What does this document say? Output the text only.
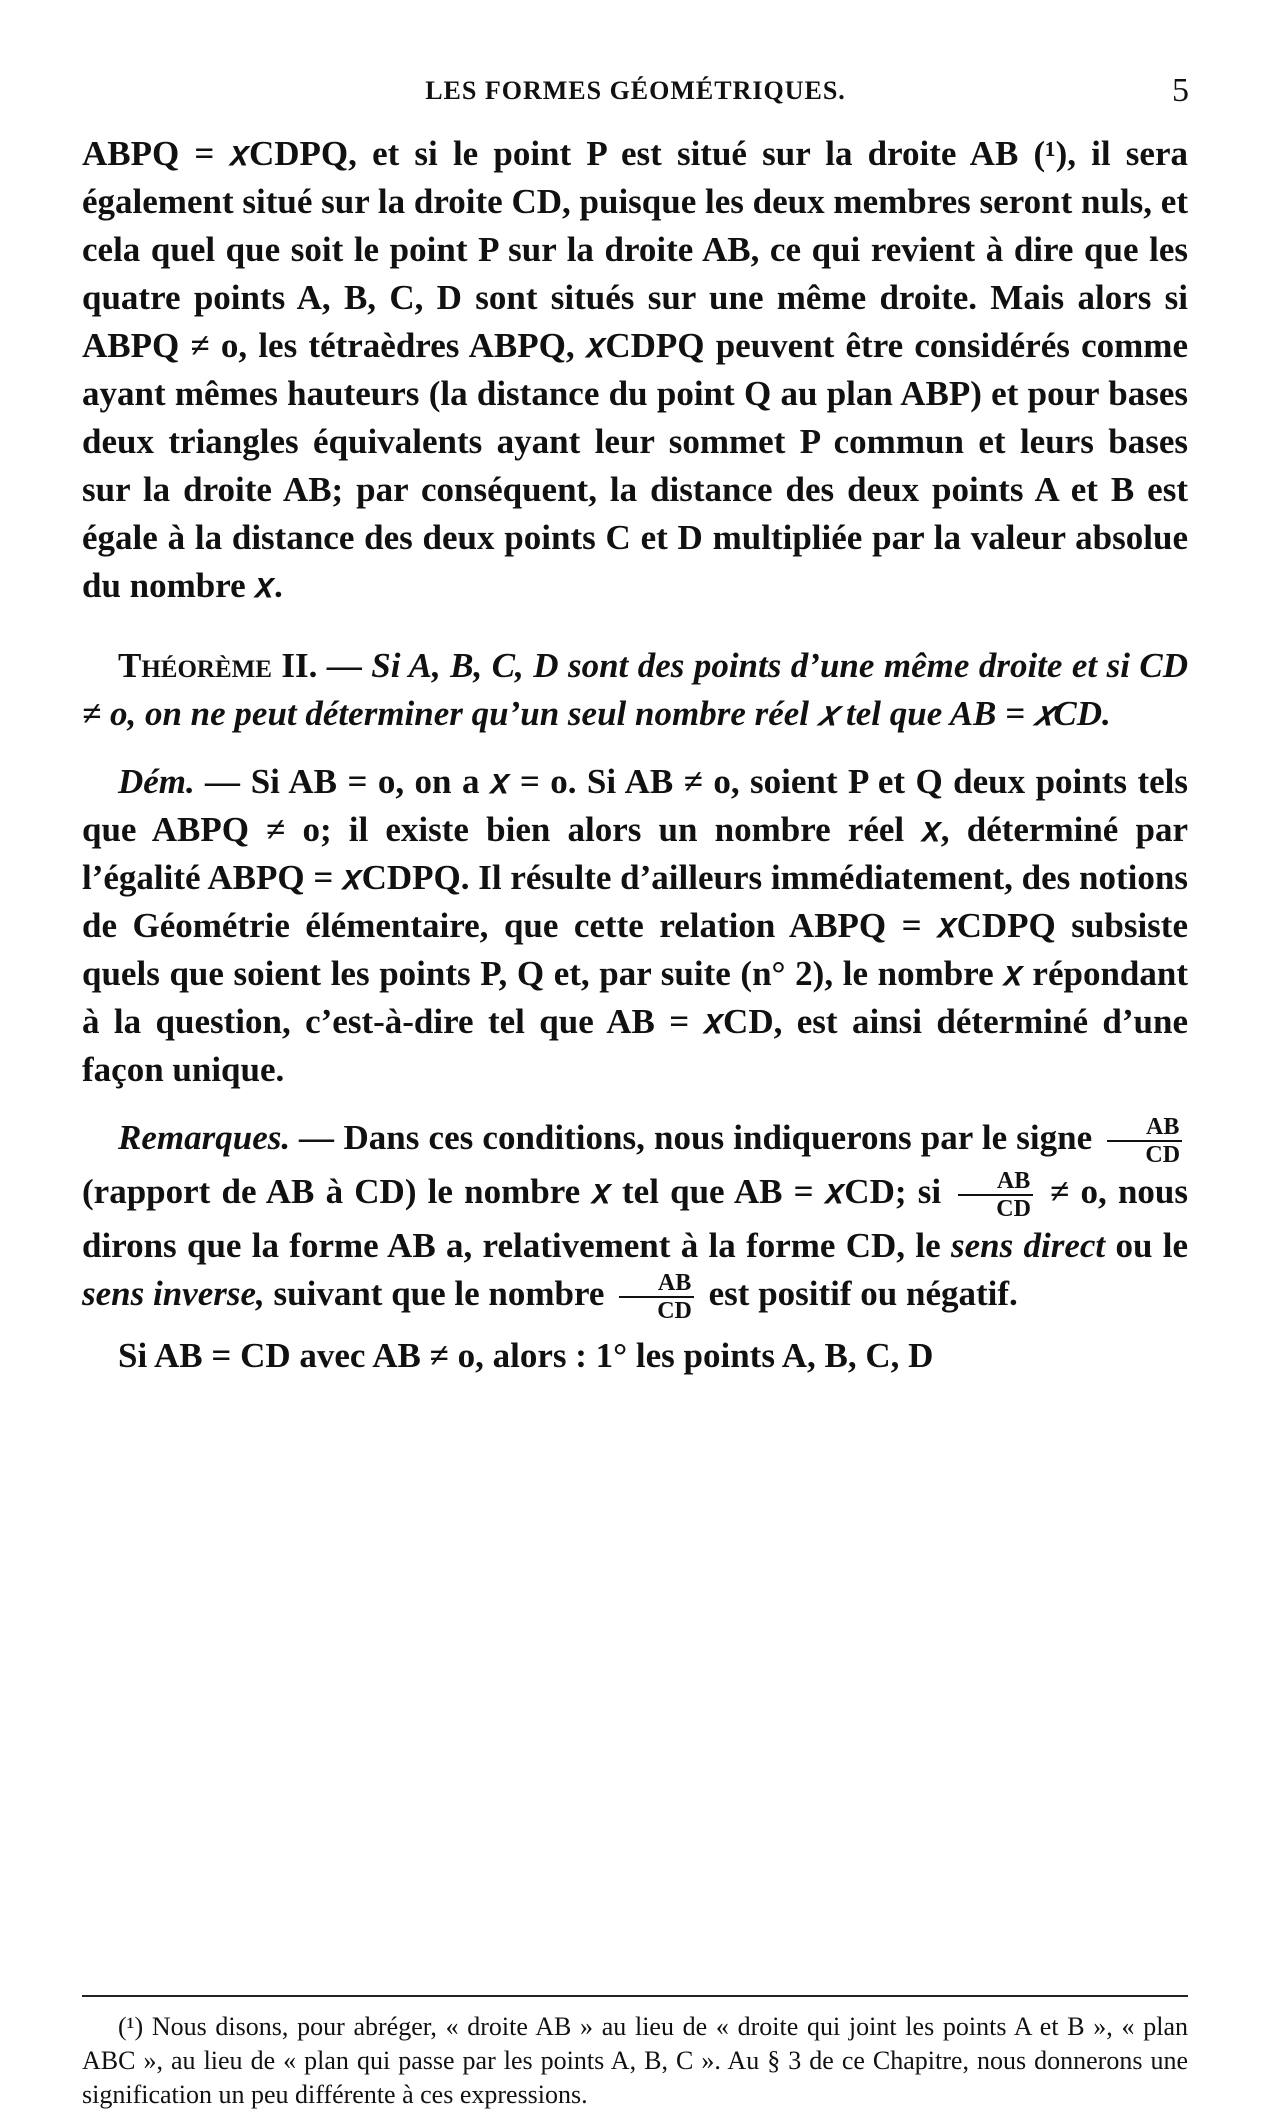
LES FORMES GÉOMÉTRIQUES.	5

ABPQ = 𝑥CDPQ, et si le point P est situé sur la droite AB (¹), il sera également situé sur la droite CD, puisque les deux membres seront nuls, et cela quel que soit le point P sur la droite AB, ce qui revient à dire que les quatre points A, B, C, D sont situés sur une même droite. Mais alors si ABPQ ≠ o, les tétraèdres ABPQ, 𝑥CDPQ peuvent être considérés comme ayant mêmes hauteurs (la distance du point Q au plan ABP) et pour bases deux triangles équivalents ayant leur sommet P commun et leurs bases sur la droite AB; par conséquent, la distance des deux points A et B est égale à la distance des deux points C et D multipliée par la valeur absolue du nombre 𝑥.

Théorème II. — Si A, B, C, D sont des points d’une même droite et si CD ≠ o, on ne peut déterminer qu’un seul nombre réel 𝑥 tel que AB = 𝑥CD.

Dém. — Si AB = o, on a 𝑥 = o. Si AB ≠ o, soient P et Q deux points tels que ABPQ ≠ o; il existe bien alors un nombre réel 𝑥, déterminé par l’égalité ABPQ = 𝑥CDPQ. Il résulte d’ailleurs immédiatement, des notions de Géométrie élémentaire, que cette relation ABPQ = 𝑥CDPQ subsiste quels que soient les points P, Q et, par suite (n° 2), le nombre 𝑥 répondant à la question, c’est-à-dire tel que AB = 𝑥CD, est ainsi déterminé d’une façon unique.

Remarques. — Dans ces conditions, nous indiquerons par le signe $\frac{AB}{CD}$
(rapport de AB à CD) le nombre 𝑥 tel que AB = 𝑥CD; si $\frac{AB}{CD} \ne o$, nous dirons que la forme AB a, relativement à la forme CD, le sens direct ou le sens inverse, suivant que le nombre $\frac{AB}{CD}$ est positif ou négatif.

Si AB = CD avec AB ≠ o, alors : 1° les points A, B, C, D

(¹) Nous disons, pour abréger, « droite AB » au lieu de « droite qui joint les points A et B », « plan ABC », au lieu de « plan qui passe par les points A, B, C ». Au § 3 de ce Chapitre, nous donnerons une signification un peu différente à ces expressions.
